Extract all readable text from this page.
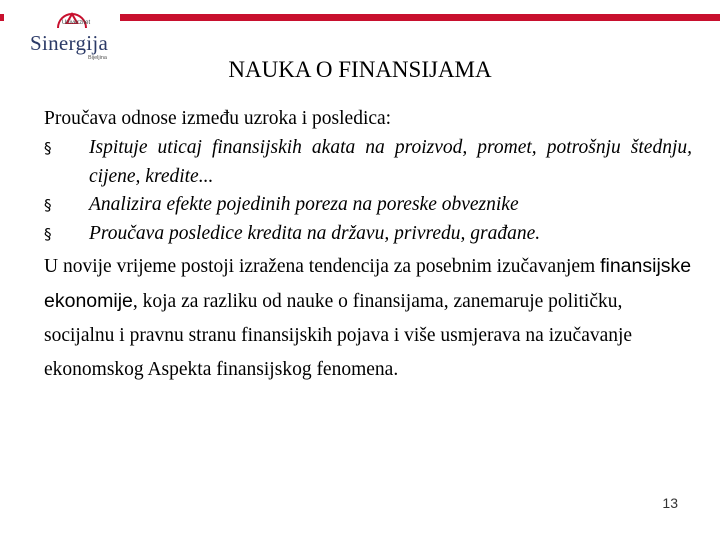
Univerzitet
Sinergija
Bijeljina	NAUKA O FINANSIJAMA
Proučava odnose između uzroka i posledica:
§ Ispituje uticaj finansijskih akata na proizvod, promet, potrošnju štednju, cijene, kredite...
§ Analizira efekte pojedinih poreza na poreske obveznike
§ Proučava posledice kredita na državu, privredu, građane.
U novije vrijeme postoji izražena tendencija za posebnim izučavanjem finansijske ekonomije, koja za razliku od nauke o finansijama, zanemaruje političku, socijalnu i pravnu stranu finansijskih pojava i više usmjerava na izučavanje ekonomskog Aspekta finansijskog fenomena.
13
